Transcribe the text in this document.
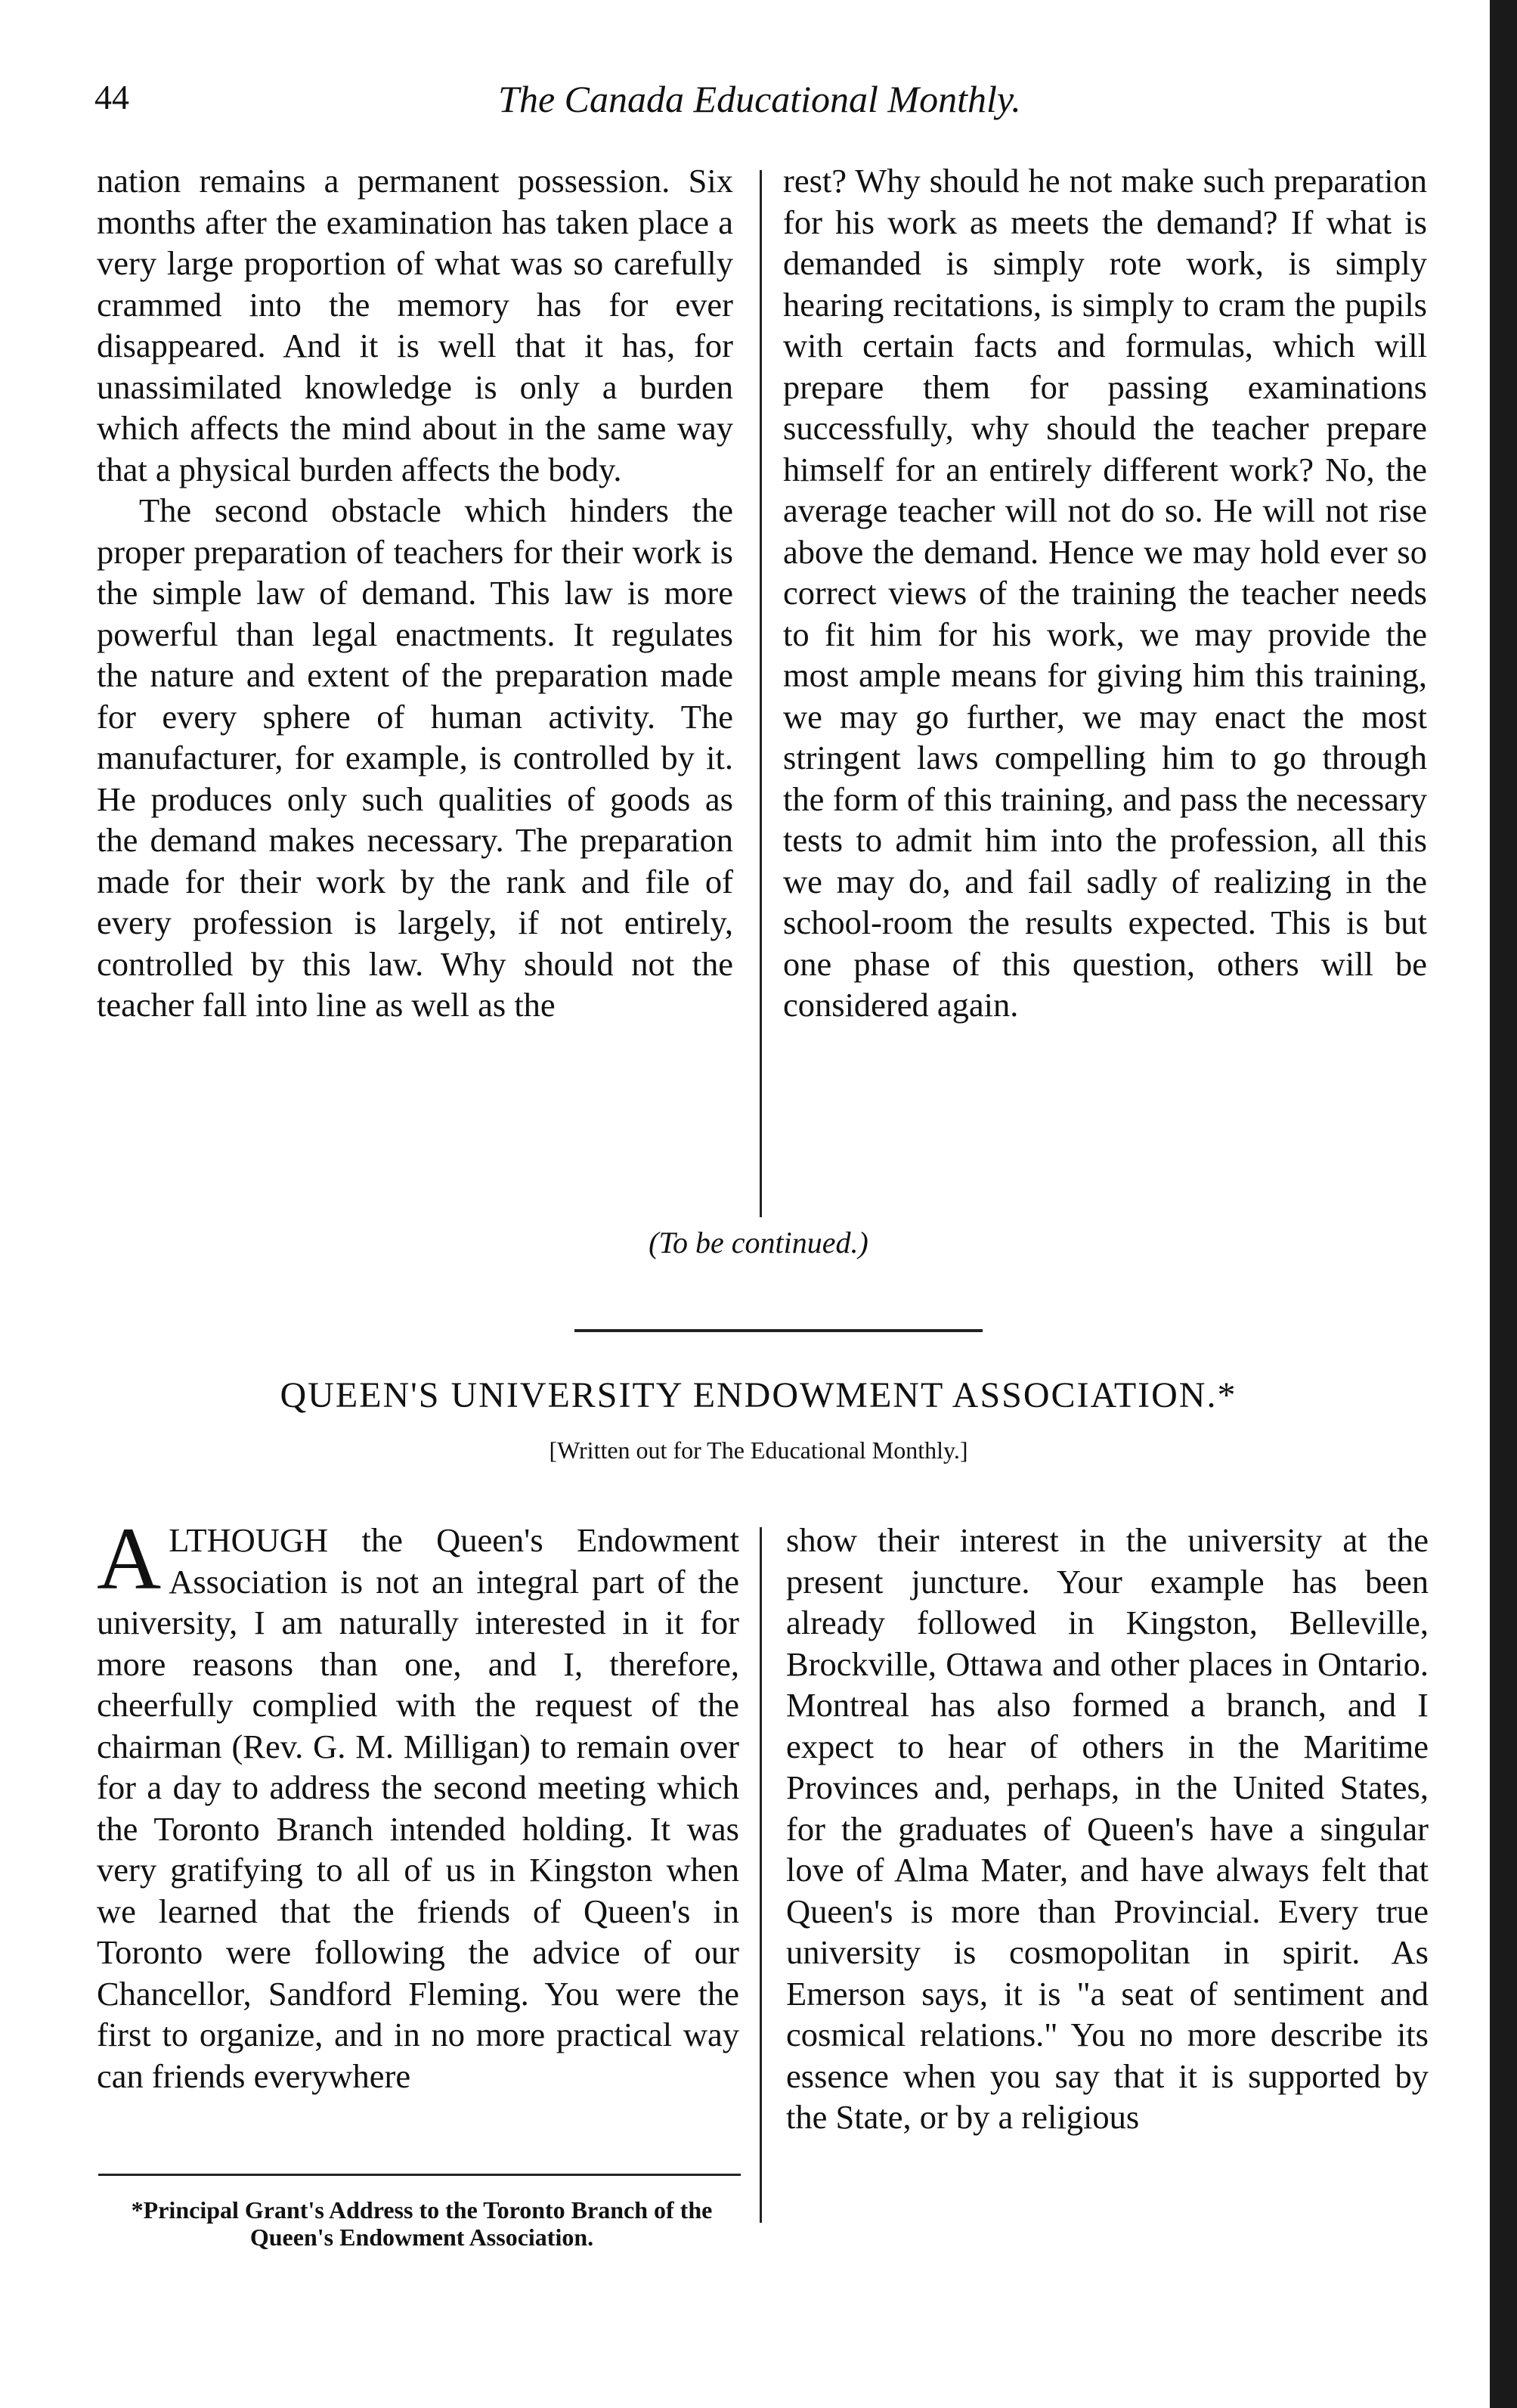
44	The Canada Educational Monthly.

nation remains a permanent possession. Six months after the examination has taken place a very large proportion of what was so carefully crammed into the memory has for ever disappeared. And it is well that it has, for unassimilated knowledge is only a burden which affects the mind about in the same way that a physical burden affects the body.

The second obstacle which hinders the proper preparation of teachers for their work is the simple law of demand. This law is more powerful than legal enactments. It regulates the nature and extent of the preparation made for every sphere of human activity. The manufacturer, for example, is controlled by it. He produces only such qualities of goods as the demand makes necessary. The preparation made for their work by the rank and file of every profession is largely, if not entirely, controlled by this law. Why should not the teacher fall into line as well as the

rest? Why should he not make such preparation for his work as meets the demand? If what is demanded is simply rote work, is simply hearing recitations, is simply to cram the pupils with certain facts and formulas, which will prepare them for passing examinations successfully, why should the teacher prepare himself for an entirely different work? No, the average teacher will not do so. He will not rise above the demand. Hence we may hold ever so correct views of the training the teacher needs to fit him for his work, we may provide the most ample means for giving him this training, we may go further, we may enact the most stringent laws compelling him to go through the form of this training, and pass the necessary tests to admit him into the profession, all this we may do, and fail sadly of realizing in the school-room the results expected. This is but one phase of this question, others will be considered again.

(To be continued.)
QUEEN'S UNIVERSITY ENDOWMENT ASSOCIATION.*
[Written out for The Educational Monthly.]
A LTHOUGH the Queen's Endowment Association is not an integral part of the university, I am naturally interested in it for more reasons than one, and I, therefore, cheerfully complied with the request of the chairman (Rev. G. M. Milligan) to remain over for a day to address the second meeting which the Toronto Branch intended holding. It was very gratifying to all of us in Kingston when we learned that the friends of Queen's in Toronto were following the advice of our Chancellor, Sandford Fleming. You were the first to organize, and in no more practical way can friends everywhere

show their interest in the university at the present juncture. Your example has been already followed in Kingston, Belleville, Brockville, Ottawa and other places in Ontario. Montreal has also formed a branch, and I expect to hear of others in the Maritime Provinces and, perhaps, in the United States, for the graduates of Queen's have a singular love of Alma Mater, and have always felt that Queen's is more than Provincial. Every true university is cosmopolitan in spirit. As Emerson says, it is "a seat of sentiment and cosmical relations." You no more describe its essence when you say that it is supported by the State, or by a religious

*Principal Grant's Address to the Toronto Branch of the Queen's Endowment Association.
